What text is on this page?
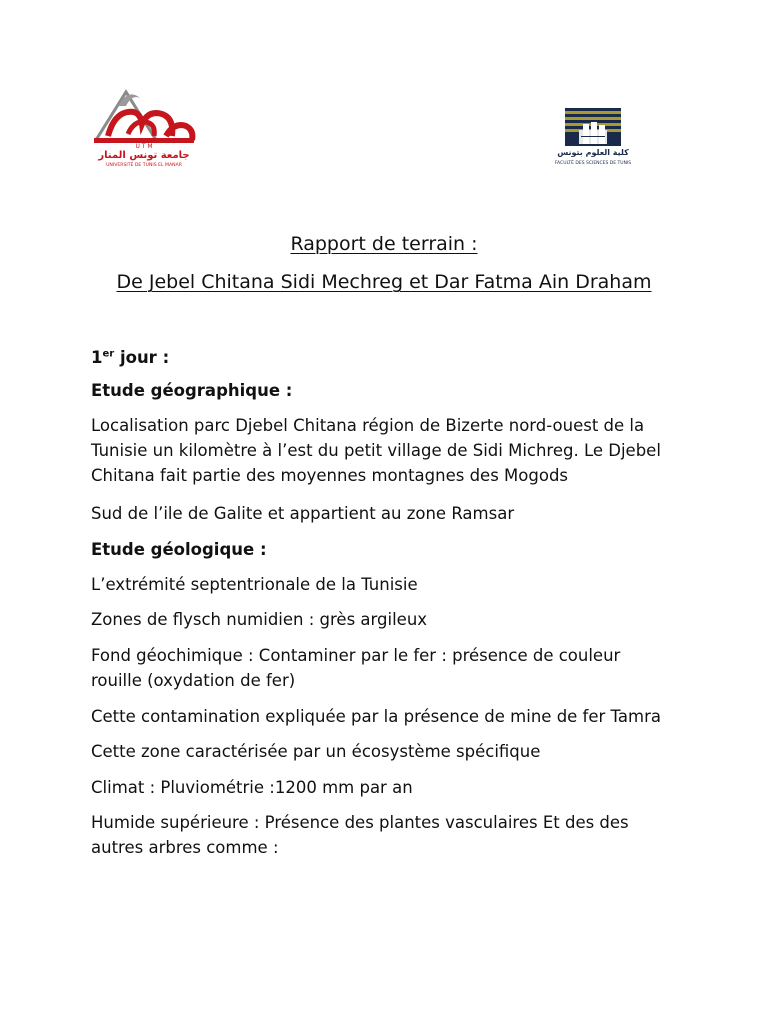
U T M
جامعة تونس المنار
UNIVERSITÉ DE TUNIS EL MANAR
كلية العلوم بتونس
FACULTÉ DES SCIENCES DE TUNIS
Rapport de terrain :
De Jebel Chitana Sidi Mechreg et Dar Fatma Ain Draham
1er jour :
Etude géographique :
Localisation parc Djebel Chitana région de Bizerte nord-ouest de la
Tunisie un kilomètre à l’est du petit village de Sidi Michreg. Le Djebel
Chitana fait partie des moyennes montagnes des Mogods
Sud de l’ile de Galite et appartient au zone Ramsar
Etude géologique :
L’extrémité septentrionale de la Tunisie
Zones de flysch numidien : grès argileux
Fond géochimique : Contaminer par le fer : présence de couleur
rouille (oxydation de fer)
Cette contamination expliquée par la présence de mine de fer Tamra
Cette zone caractérisée par un écosystème spécifique
Climat : Pluviométrie :1200 mm par an
Humide supérieure : Présence des plantes vasculaires Et des des
autres arbres comme :
